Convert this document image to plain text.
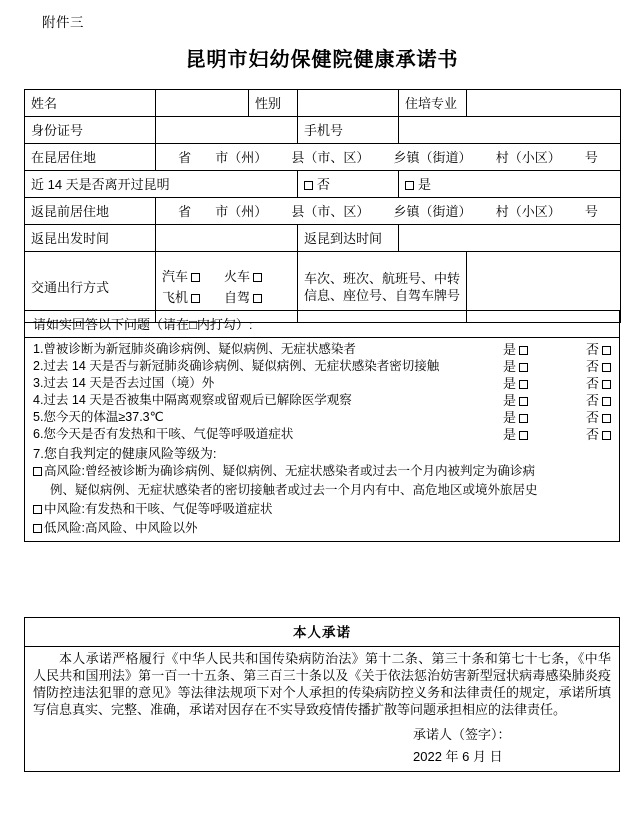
附件三
昆明市妇幼保健院健康承诺书
姓名		性别		住培专业	
身份证号			手机号		
在昆居住地	省 市（州） 县（市、区） 乡镇（街道） 村（小区） 号

近 14 天是否离开过昆明			否	是	
返昆前居住地	省 市（州） 县（市、区） 乡镇（街道） 村（小区） 号

返昆出发时间			返昆到达时间		
交通出行方式	汽车 火车
飞机 自驾		车次、班次、航班号、中转信息、座位号、自驾车牌号		
请如实回答以下问题（请在□内打勾）:

1.曾被诊断为新冠肺炎确诊病例、疑似病例、无症状感染者	是	否
2.过去 14 天是否与新冠肺炎确诊病例、疑似病例、无症状感染者密切接触	是	否
3.过去 14 天是否去过国（境）外	是	否
4.过去 14 天是否被集中隔离观察或留观后已解除医学观察	是	否
5.您今天的体温≥37.3℃	是	否
6.您今天是否有发热和干咳、气促等呼吸道症状	是	否
7.您自我判定的健康风险等级为:
高风险:曾经被诊断为确诊病例、疑似病例、无症状感染者或过去一个月内被判定为确诊病
例、疑似病例、无症状感染者的密切接触者或过去一个月内有中、高危地区或境外旅居史
中风险:有发热和干咳、气促等呼吸道症状
低风险:高风险、中风险以外
本人承诺

本人承诺严格履行《中华人民共和国传染病防治法》第十二条、第三十条和第七十七条，《中华人民共和国刑法》第一百一十五条、第三百三十条以及《关于依法惩治妨害新型冠状病毒感染肺炎疫情防控违法犯罪的意见》等法律法规项下对个人承担的传染病防控义务和法律责任的规定，承诺所填写信息真实、完整、准确，承诺对因存在不实导致疫情传播扩散等问题承担相应的法律责任。

承诺人（签字）：
2022 年 6 月 日
